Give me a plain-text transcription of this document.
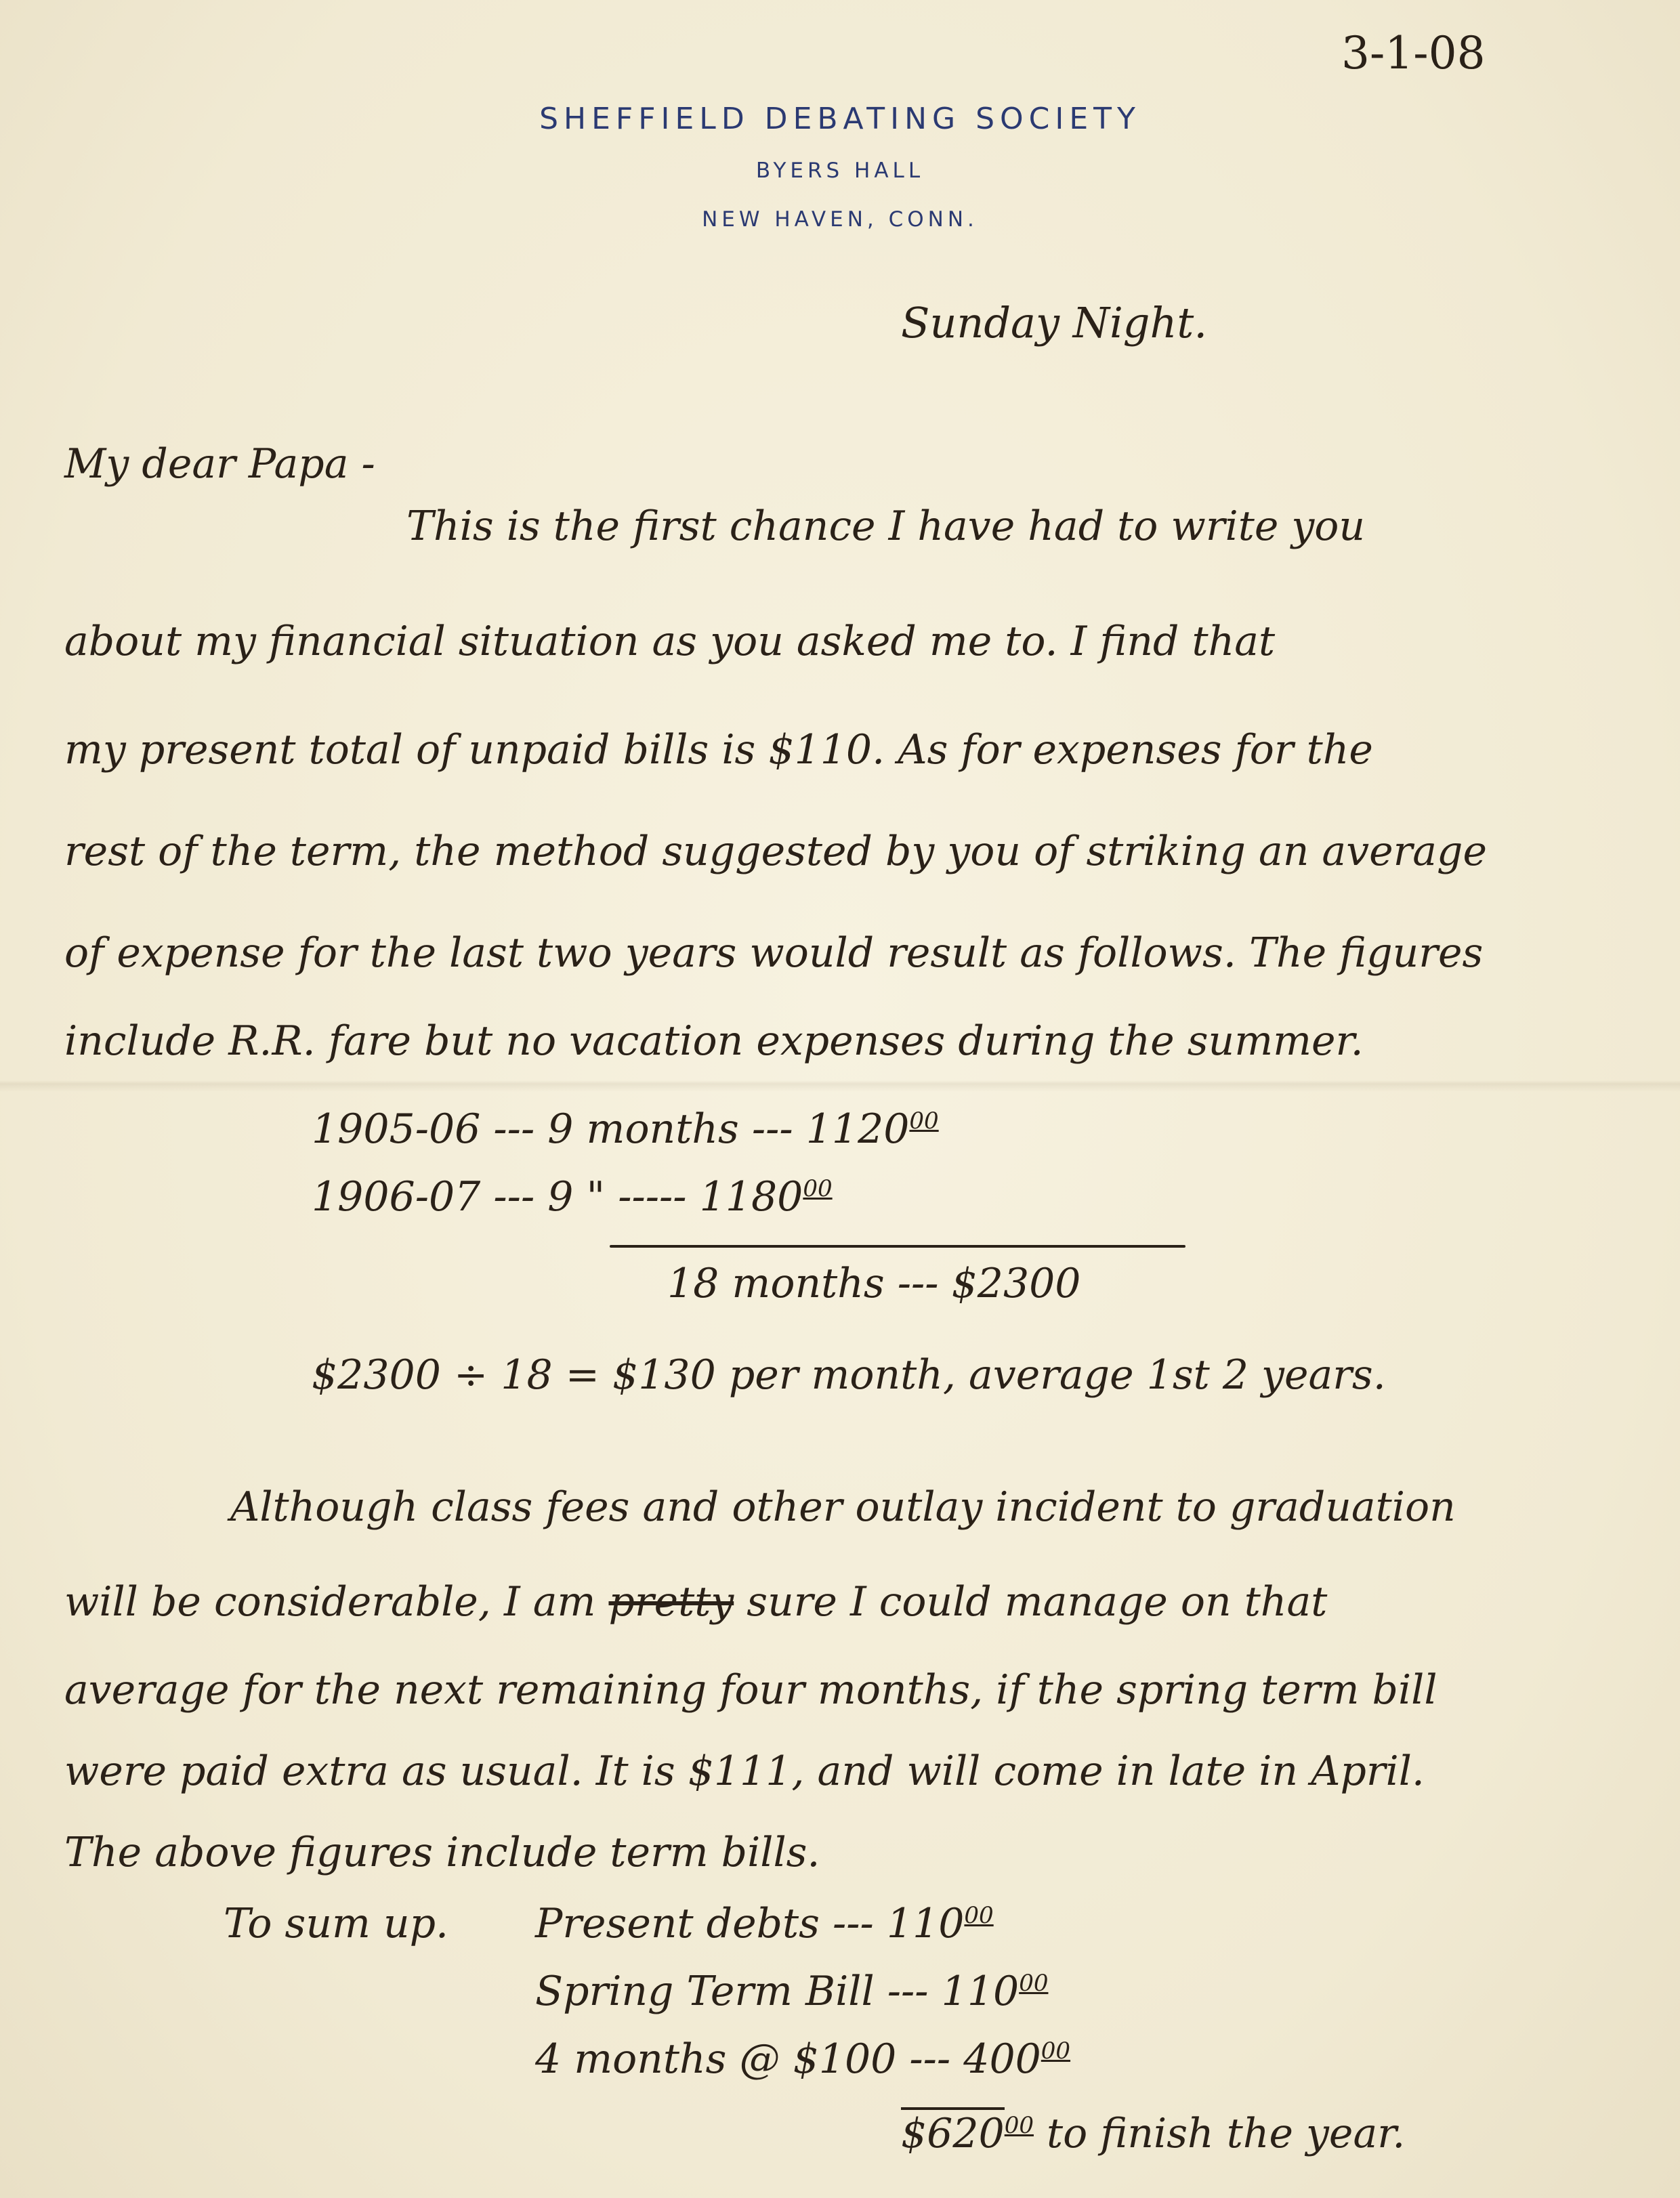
3-1-08
SHEFFIELD DEBATING SOCIETY
BYERS HALL
NEW HAVEN, CONN.
Sunday Night.
My dear Papa -
This is the first chance I have had to write you
about my financial situation as you asked me to. I find that
my present total of unpaid bills is $110. As for expenses for the
rest of the term, the method suggested by you of striking an average
of expense for the last two years would result as follows. The figures
include R.R. fare but no vacation expenses during the summer.
1905-06 --- 9 months --- 1120$^{00}$
1906-07 --- 9 " ----- 1180$^{00}$
18 months --- $2300
$2300 ÷ 18 = $130 per month, average 1st 2 years.
Although class fees and other outlay incident to graduation
will be considerable, I am pretty sure I could manage on that
average for the next remaining four months, if the spring term bill
were paid extra as usual. It is $111, and will come in late in April.
The above figures include term bills.
To sum up. Present debts --- $110^{00}$
Spring Term Bill --- $110^{00}$
4 months @ $100 --- $400^{00}$
$\$620^{00}$ to finish the year.
